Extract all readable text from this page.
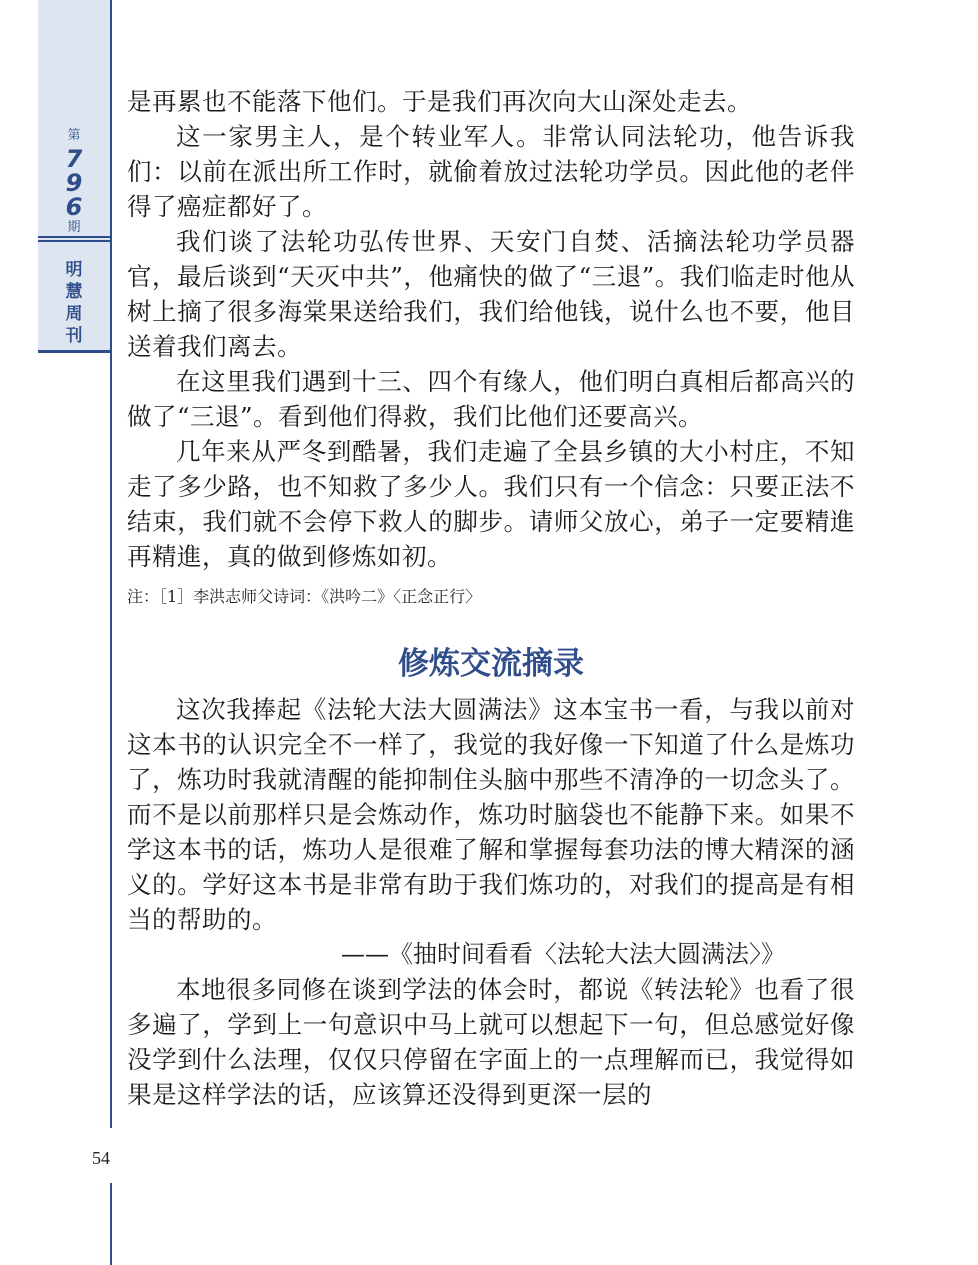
第
7
9
6
期
明
慧
周
刊
54

是再累也不能落下他们。于是我们再次向大山深处走去。

这一家男主人，是个转业军人。非常认同法轮功，他告诉我们：以前在派出所工作时，就偷着放过法轮功学员。因此他的老伴得了癌症都好了。

我们谈了法轮功弘传世界、天安门自焚、活摘法轮功学员器官，最后谈到“天灭中共”，他痛快的做了“三退”。我们临走时他从树上摘了很多海棠果送给我们，我们给他钱，说什么也不要，他目送着我们离去。

在这里我们遇到十三、四个有缘人，他们明白真相后都高兴的做了“三退”。看到他们得救，我们比他们还要高兴。

几年来从严冬到酷暑，我们走遍了全县乡镇的大小村庄，不知走了多少路，也不知救了多少人。我们只有一个信念：只要正法不结束，我们就不会停下救人的脚步。请师父放心，弟子一定要精進再精進，真的做到修炼如初。

注：［1］李洪志师父诗词：《洪吟二》〈正念正行〉

修炼交流摘录

这次我捧起《法轮大法大圆满法》这本宝书一看，与我以前对这本书的认识完全不一样了，我觉的我好像一下知道了什么是炼功了，炼功时我就清醒的能抑制住头脑中那些不清净的一切念头了。而不是以前那样只是会炼动作，炼功时脑袋也不能静下来。如果不学这本书的话，炼功人是很难了解和掌握每套功法的博大精深的涵义的。学好这本书是非常有助于我们炼功的，对我们的提高是有相当的帮助的。

——《抽时间看看〈法轮大法大圆满法〉》

本地很多同修在谈到学法的体会时，都说《转法轮》也看了很多遍了，学到上一句意识中马上就可以想起下一句，但总感觉好像没学到什么法理，仅仅只停留在字面上的一点理解而已，我觉得如果是这样学法的话，应该算还没得到更深一层的
